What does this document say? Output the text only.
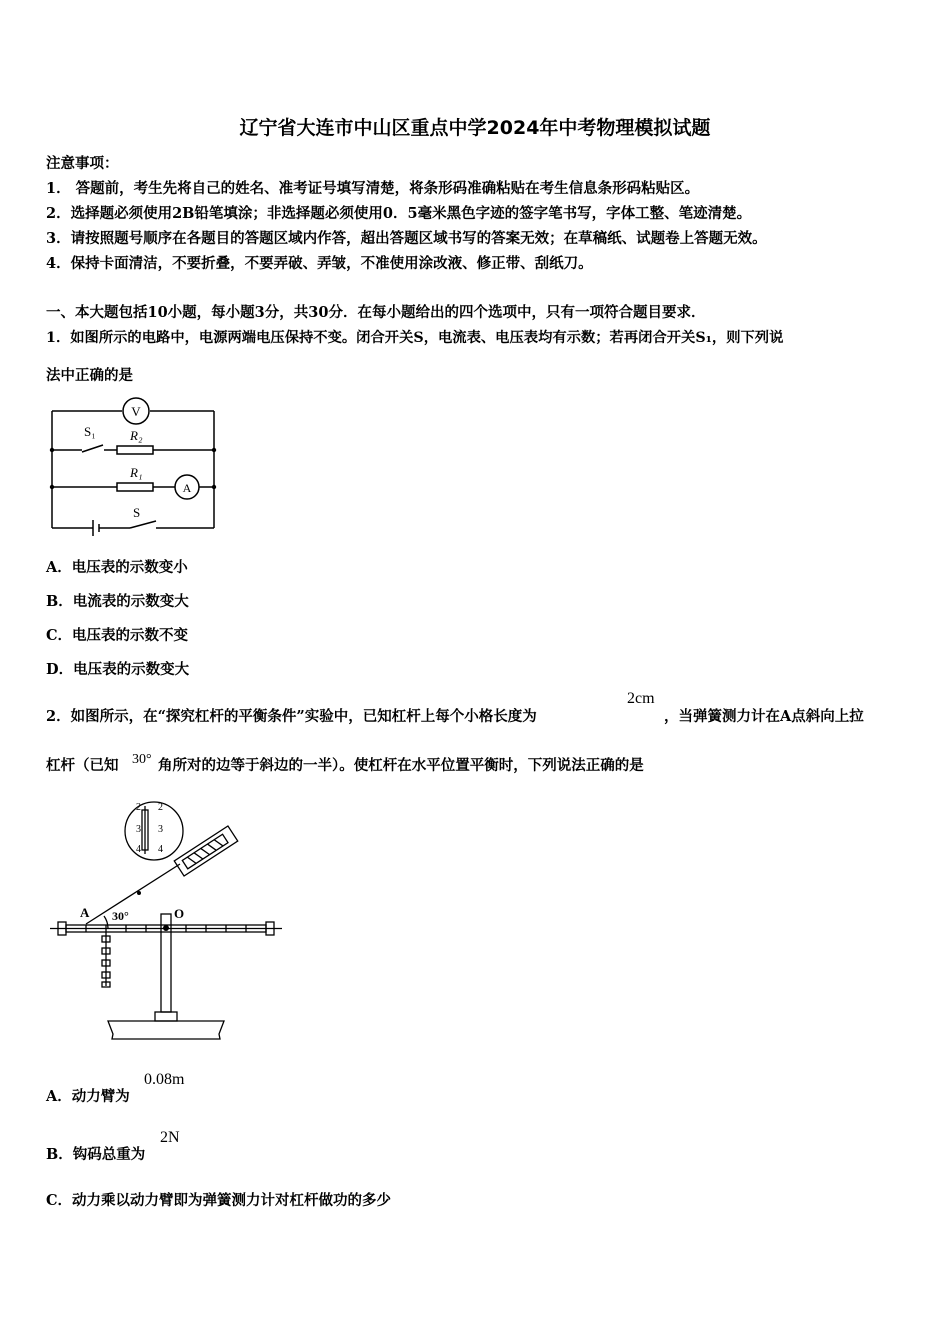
辽宁省大连市中山区重点中学2024年中考物理模拟试题
注意事项：
1． 答题前，考生先将自己的姓名、准考证号填写清楚，将条形码准确粘贴在考生信息条形码粘贴区。
2．选择题必须使用2B铅笔填涂；非选择题必须使用0．5毫米黑色字迹的签字笔书写，字体工整、笔迹清楚。
3．请按照题号顺序在各题目的答题区域内作答，超出答题区域书写的答案无效；在草稿纸、试题卷上答题无效。
4．保持卡面清洁，不要折叠，不要弄破、弄皱，不准使用涂改液、修正带、刮纸刀。
一、本大题包括10小题，每小题3分，共30分．在每小题给出的四个选项中，只有一项符合题目要求．
1．如图所示的电路中，电源两端电压保持不变。闭合开关S，电流表、电压表均有示数；若再闭合开关S₁，则下列说
法中正确的是
V
A
S₁	R₂
R₁
S
A．电压表的示数变小
B．电流表的示数变大
C．电压表的示数不变
D．电压表的示数变大
2．如图所示，在“探究杠杆的平衡条件”实验中，已知杠杆上每个小格长度为
2cm
，当弹簧测力计在A点斜向上拉
杠杆（已知 30° 角所对的边等于斜边的一半）。使杠杆在水平位置平衡时，下列说法正确的是
2
3
4
2
3
4
A 30°	O
A．动力臂为
0.08m
B．钩码总重为
2N
C．动力乘以动力臂即为弹簧测力计对杠杆做功的多少
